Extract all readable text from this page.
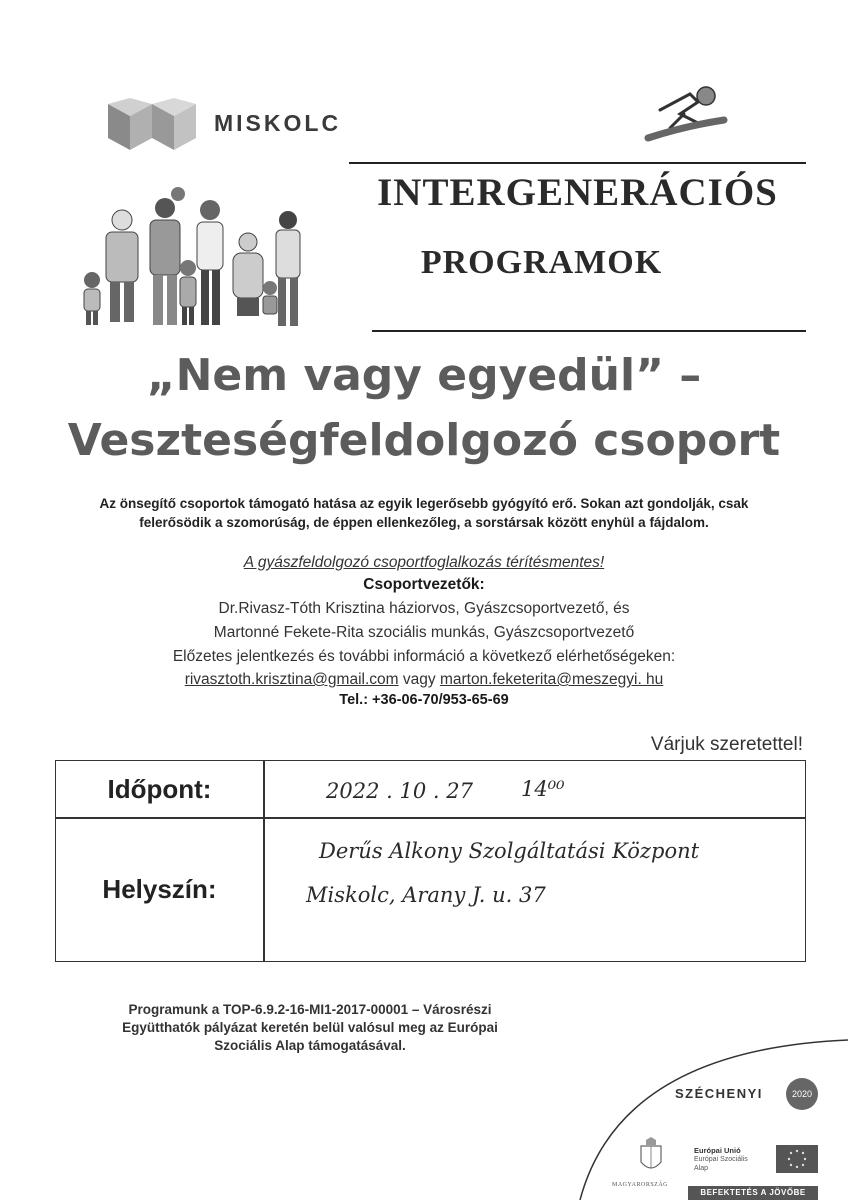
MISKOLC
INTERGENERÁCIÓS
PROGRAMOK
„Nem vagy egyedül” –
Veszteségfeldolgozó csoport
Az önsegítő csoportok támogató hatása az egyik legerősebb gyógyító erő. Sokan azt gondolják, csak
felerősödik a szomorúság, de éppen ellenkezőleg, a sorstársak között enyhül a fájdalom.
A gyászfeldolgozó csoportfoglalkozás térítésmentes!
Csoportvezetők:
Dr.Rivasz-Tóth Krisztina háziorvos, Gyászcsoportvezető, és
Martonné Fekete-Rita szociális munkás, Gyászcsoportvezető
Előzetes jelentkezés és további információ a következő elérhetőségeken:
rivasztoth.krisztina@gmail.com vagy marton.feketerita@meszegyi. hu
Tel.: +36-06-70/953-65-69
Várjuk szeretettel!
Időpont:	2022 . 10 . 27 14⁰⁰
Helyszín:
Derűs Alkony Szolgáltatási Központ
Miskolc, Arany J. u. 37
Programunk a TOP-6.9.2-16-MI1-2017-00001 – Városrészi
Együtthatók pályázat keretén belül valósul meg az Európai
Szociális Alap támogatásával.
SZÉCHENYI	2020
MAGYARORSZÁG
Európai Unió
Európai Szociális
Alap
BEFEKTETÉS A JÖVŐBE
